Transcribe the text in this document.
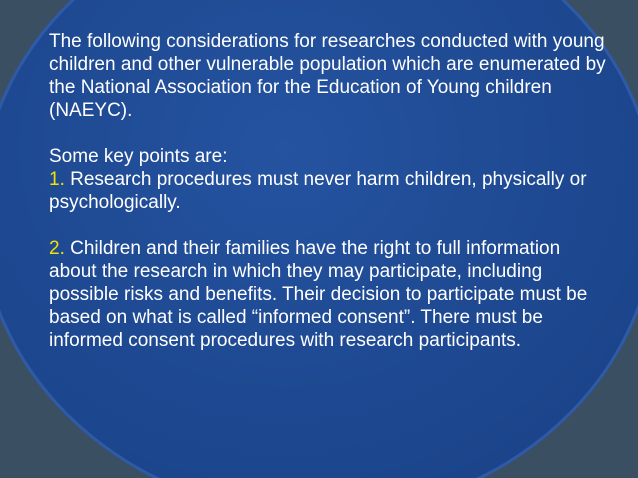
The following considerations for researches conducted with young children and other vulnerable population which are enumerated by the National Association for the Education of Young children (NAEYC).

Some key points are:

1. Research procedures must never harm children, physically or psychologically.

2. Children and their families have the right to full information about the research in which they may participate, including possible risks and benefits. Their decision to participate must be based on what is called “informed consent”. There must be informed consent procedures with research participants.
